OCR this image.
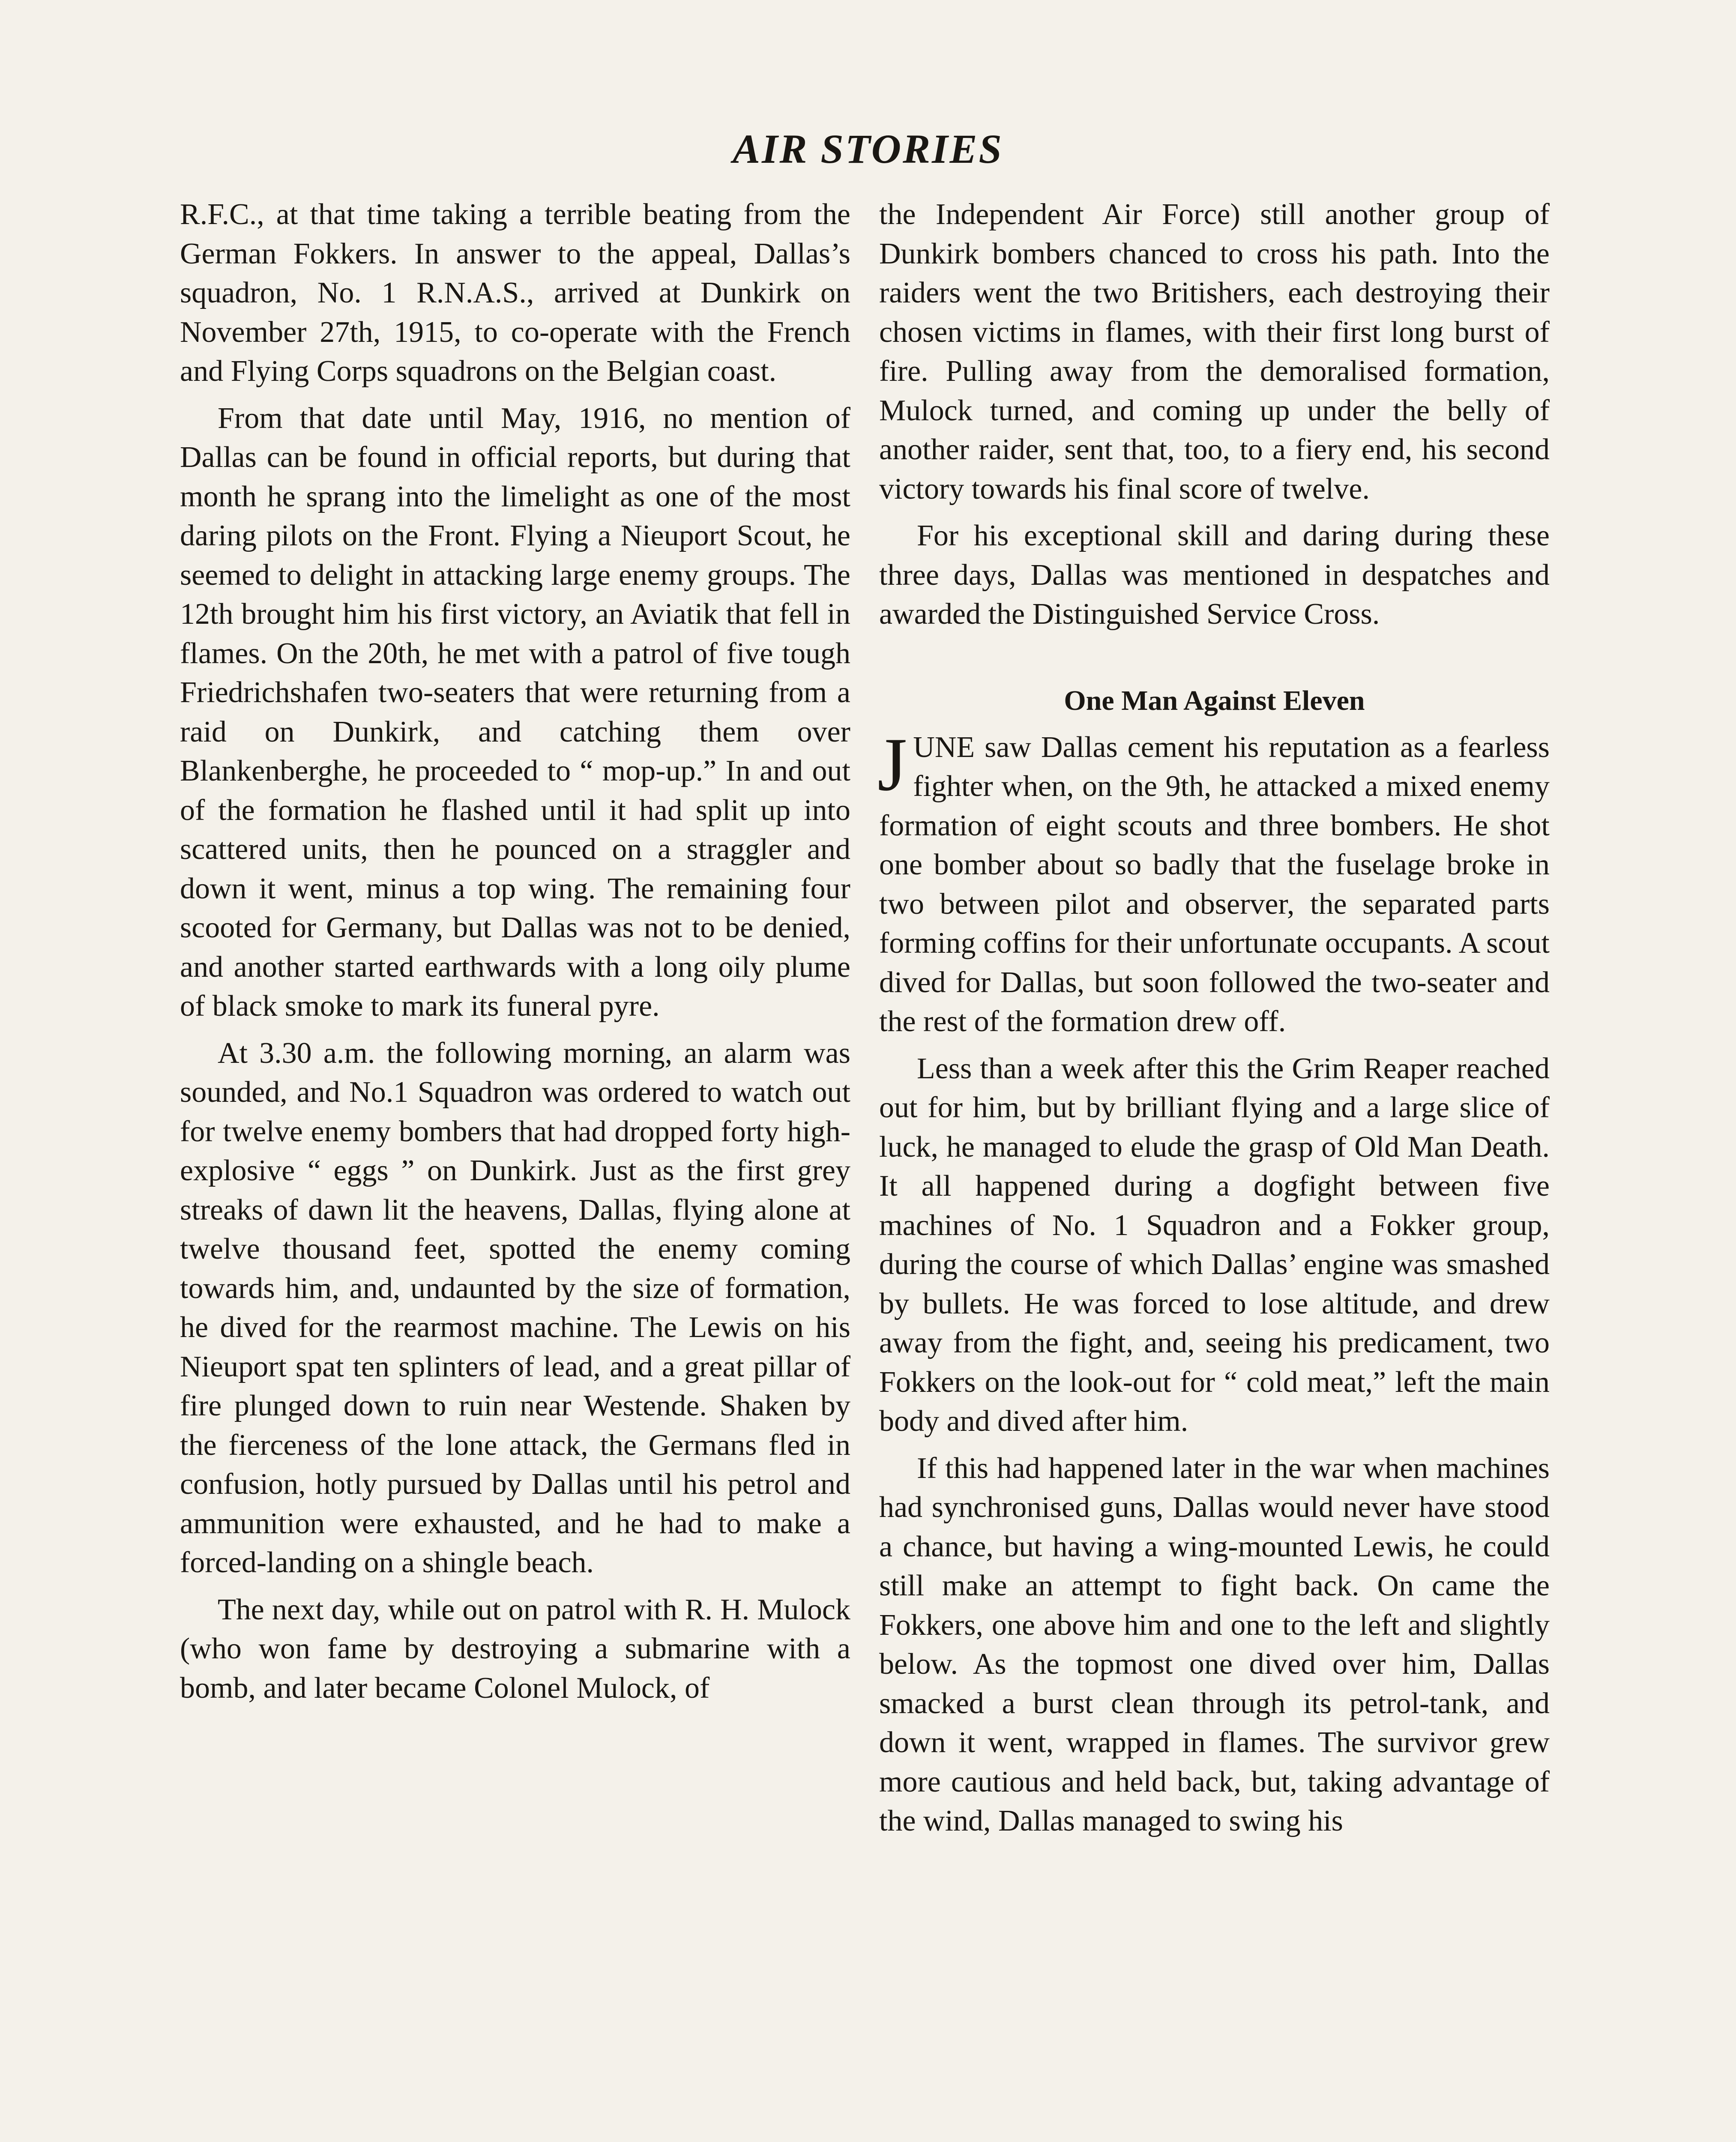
AIR STORIES

R.F.C., at that time taking a terrible beating from the German Fokkers. In answer to the appeal, Dallas’s squadron, No. 1 R.N.A.S., arrived at Dunkirk on November 27th, 1915, to co-operate with the French and Flying Corps squadrons on the Belgian coast.

From that date until May, 1916, no mention of Dallas can be found in official reports, but during that month he sprang into the limelight as one of the most daring pilots on the Front. Flying a Nieuport Scout, he seemed to delight in attacking large enemy groups. The 12th brought him his first victory, an Aviatik that fell in flames. On the 20th, he met with a patrol of five tough Friedrichshafen two-seaters that were returning from a raid on Dunkirk, and catching them over Blankenberghe, he proceeded to “ mop-up.” In and out of the formation he flashed until it had split up into scattered units, then he pounced on a straggler and down it went, minus a top wing. The remaining four scooted for Germany, but Dallas was not to be denied, and another started earthwards with a long oily plume of black smoke to mark its funeral pyre.

At 3.30 a.m. the following morning, an alarm was sounded, and No.1 Squadron was ordered to watch out for twelve enemy bombers that had dropped forty high-explosive “ eggs ” on Dunkirk. Just as the first grey streaks of dawn lit the heavens, Dallas, flying alone at twelve thousand feet, spotted the enemy coming towards him, and, undaunted by the size of formation, he dived for the rearmost machine. The Lewis on his Nieuport spat ten splinters of lead, and a great pillar of fire plunged down to ruin near Westende. Shaken by the fierceness of the lone attack, the Germans fled in confusion, hotly pursued by Dallas until his petrol and ammunition were exhausted, and he had to make a forced-landing on a shingle beach.

The next day, while out on patrol with R. H. Mulock (who won fame by destroying a submarine with a bomb, and later became Colonel Mulock, of

the Independent Air Force) still another group of Dunkirk bombers chanced to cross his path. Into the raiders went the two Britishers, each destroying their chosen victims in flames, with their first long burst of fire. Pulling away from the demoralised formation, Mulock turned, and coming up under the belly of another raider, sent that, too, to a fiery end, his second victory towards his final score of twelve.

For his exceptional skill and daring during these three days, Dallas was mentioned in despatches and awarded the Distinguished Service Cross.

One Man Against Eleven

JUNE saw Dallas cement his reputation as a fearless fighter when, on the 9th, he attacked a mixed enemy formation of eight scouts and three bombers. He shot one bomber about so badly that the fuselage broke in two between pilot and observer, the separated parts forming coffins for their unfortunate occupants. A scout dived for Dallas, but soon followed the two-seater and the rest of the formation drew off.

Less than a week after this the Grim Reaper reached out for him, but by brilliant flying and a large slice of luck, he managed to elude the grasp of Old Man Death. It all happened during a dogfight between five machines of No. 1 Squadron and a Fokker group, during the course of which Dallas’ engine was smashed by bullets. He was forced to lose altitude, and drew away from the fight, and, seeing his predicament, two Fokkers on the look-out for “ cold meat,” left the main body and dived after him.

If this had happened later in the war when machines had synchronised guns, Dallas would never have stood a chance, but having a wing-mounted Lewis, he could still make an attempt to fight back. On came the Fokkers, one above him and one to the left and slightly below. As the topmost one dived over him, Dallas smacked a burst clean through its petrol-tank, and down it went, wrapped in flames. The survivor grew more cautious and held back, but, taking advantage of the wind, Dallas managed to swing his
